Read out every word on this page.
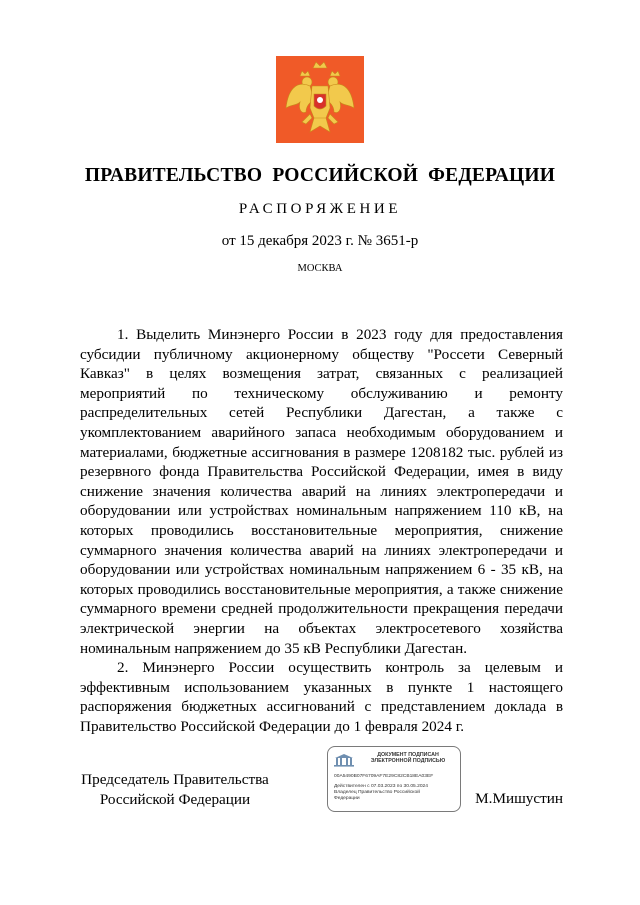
ПРАВИТЕЛЬСТВО РОССИЙСКОЙ ФЕДЕРАЦИИ
РАСПОРЯЖЕНИЕ
от 15 декабря 2023 г. № 3651-р
МОСКВА

1. Выделить Минэнерго России в 2023 году для предоставления субсидии публичному акционерному обществу "Россети Северный Кавказ" в целях возмещения затрат, связанных с реализацией мероприятий по техническому обслуживанию и ремонту распределительных сетей Республики Дагестан, а также с укомплектованием аварийного запаса необходимым оборудованием и материалами, бюджетные ассигнования в размере 1208182 тыс. рублей из резервного фонда Правительства Российской Федерации, имея в виду снижение значения количества аварий на линиях электропередачи и оборудовании или устройствах номинальным напряжением 110 кВ, на которых проводились восстановительные мероприятия, снижение суммарного значения количества аварий на линиях электропередачи и оборудовании или устройствах номинальным напряжением 6 - 35 кВ, на которых проводились восстановительные мероприятия, а также снижение суммарного времени средней продолжительности прекращения передачи электрической энергии на объектах электросетевого хозяйства номинальным напряжением до 35 кВ Республики Дагестан.

2. Минэнерго России осуществить контроль за целевым и эффективным использованием указанных в пункте 1 настоящего распоряжения бюджетных ассигнований с представлением доклада в Правительство Российской Федерации до 1 февраля 2024 г.

Председатель Правительства
Российской Федерации
ДОКУМЕНТ ПОДПИСАН
ЭЛЕКТРОННОЙ ПОДПИСЬЮ
00A5490B07F6709AF7E29C82CB18EA03EF
Действителен с 07.03.2023 по 30.05.2024
Владелец Правительство Российской
Федерации	М.Мишустин
